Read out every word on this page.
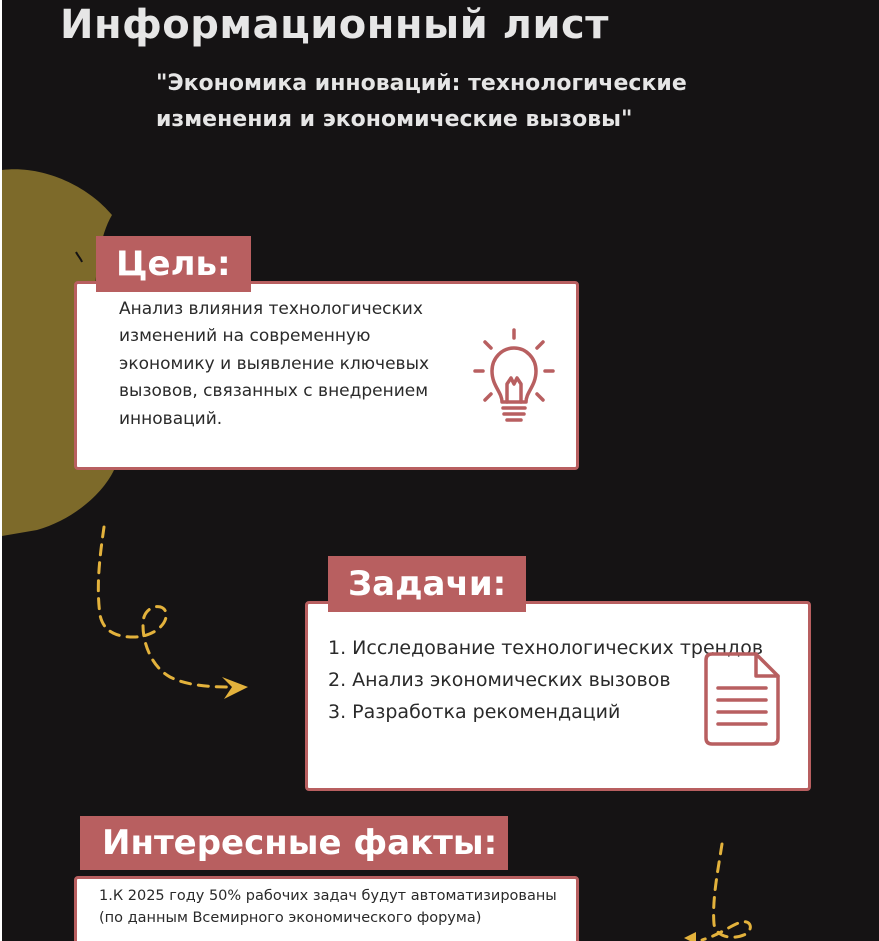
Информационный лист
"Экономика инноваций: технологические изменения и экономические вызовы"
Анализ влияния технологических изменений на современную экономику и выявление ключевых вызовов, связанных с внедрением инноваций.
Цель:
1. Исследование технологических трендов
2. Анализ экономических вызовов
3. Разработка рекомендаций
Задачи:
1.К 2025 году 50% рабочих задач будут автоматизированы (по данным Всемирного экономического форума)
Интересные факты:
